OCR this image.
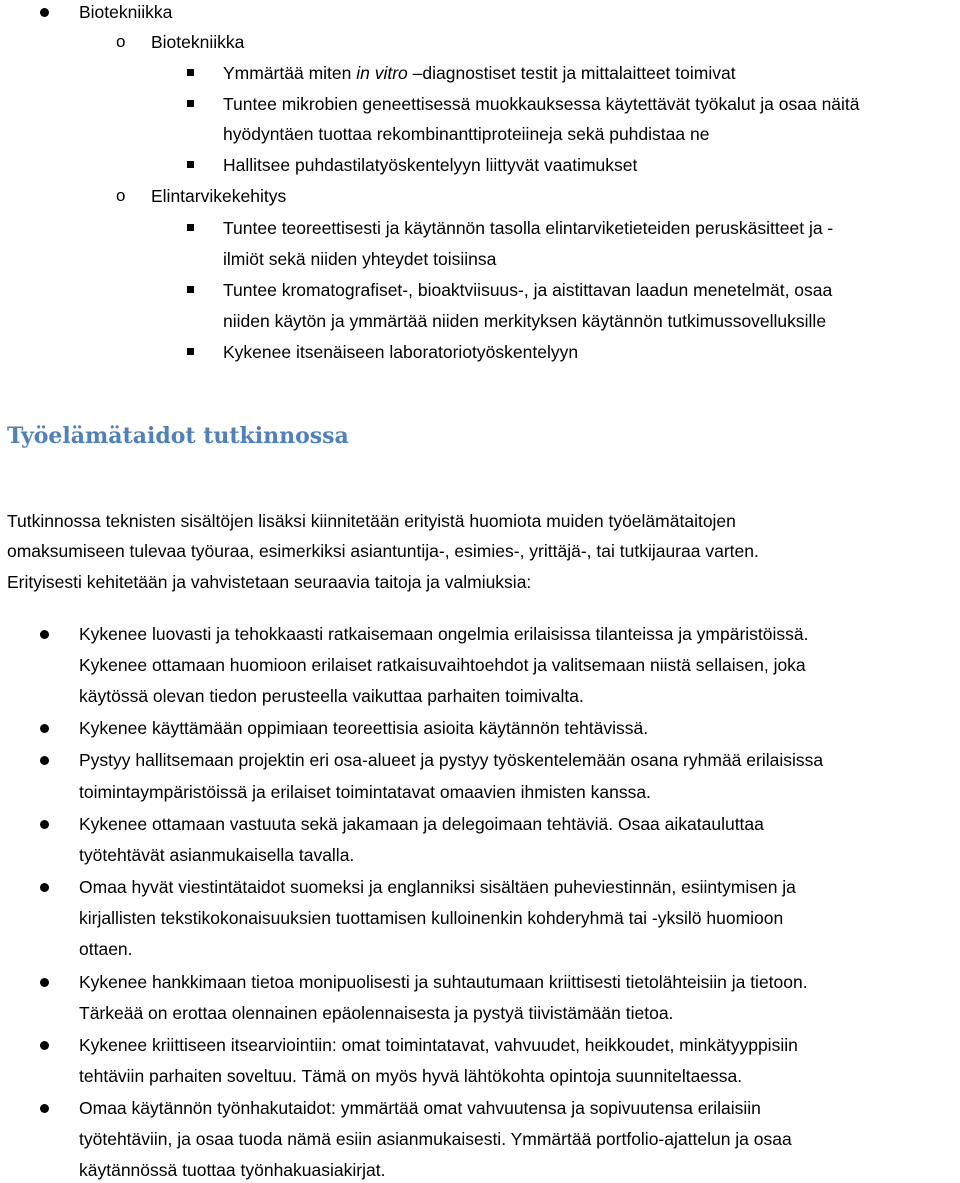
Biotekniikka
o Biotekniikka
Ymmärtää miten in vitro –diagnostiset testit ja mittalaitteet toimivat
Tuntee mikrobien geneettisessä muokkauksessa käytettävät työkalut ja osaa näitä
hyödyntäen tuottaa rekombinanttiproteiineja sekä puhdistaa ne
Hallitsee puhdastilatyöskentelyyn liittyvät vaatimukset
o Elintarvikekehitys
Tuntee teoreettisesti ja käytännön tasolla elintarviketieteiden peruskäsitteet ja -
ilmiöt sekä niiden yhteydet toisiinsa
Tuntee kromatografiset-, bioaktviisuus-, ja aistittavan laadun menetelmät, osaa
niiden käytön ja ymmärtää niiden merkityksen käytännön tutkimussovelluksille
Kykenee itsenäiseen laboratoriotyöskentelyyn
Työelämätaidot tutkinnossa
Tutkinnossa teknisten sisältöjen lisäksi kiinnitetään erityistä huomiota muiden työelämätaitojen
omaksumiseen tulevaa työuraa, esimerkiksi asiantuntija-, esimies-, yrittäjä-, tai tutkijauraa varten.
Erityisesti kehitetään ja vahvistetaan seuraavia taitoja ja valmiuksia:
Kykenee luovasti ja tehokkaasti ratkaisemaan ongelmia erilaisissa tilanteissa ja ympäristöissä.
Kykenee ottamaan huomioon erilaiset ratkaisuvaihtoehdot ja valitsemaan niistä sellaisen, joka
käytössä olevan tiedon perusteella vaikuttaa parhaiten toimivalta.
Kykenee käyttämään oppimiaan teoreettisia asioita käytännön tehtävissä.
Pystyy hallitsemaan projektin eri osa-alueet ja pystyy työskentelemään osana ryhmää erilaisissa
toimintaympäristöissä ja erilaiset toimintatavat omaavien ihmisten kanssa.
Kykenee ottamaan vastuuta sekä jakamaan ja delegoimaan tehtäviä. Osaa aikatauluttaa
työtehtävät asianmukaisella tavalla.
Omaa hyvät viestintätaidot suomeksi ja englanniksi sisältäen puheviestinnän, esiintymisen ja
kirjallisten tekstikokonaisuuksien tuottamisen kulloinenkin kohderyhmä tai -yksilö huomioon
ottaen.
Kykenee hankkimaan tietoa monipuolisesti ja suhtautumaan kriittisesti tietolähteisiin ja tietoon.
Tärkeää on erottaa olennainen epäolennaisesta ja pystyä tiivistämään tietoa.
Kykenee kriittiseen itsearviointiin: omat toimintatavat, vahvuudet, heikkoudet, minkätyyppisiin
tehtäviin parhaiten soveltuu. Tämä on myös hyvä lähtökohta opintoja suunniteltaessa.
Omaa käytännön työnhakutaidot: ymmärtää omat vahvuutensa ja sopivuutensa erilaisiin
työtehtäviin, ja osaa tuoda nämä esiin asianmukaisesti. Ymmärtää portfolio-ajattelun ja osaa
käytännössä tuottaa työnhakuasiakirjat.
